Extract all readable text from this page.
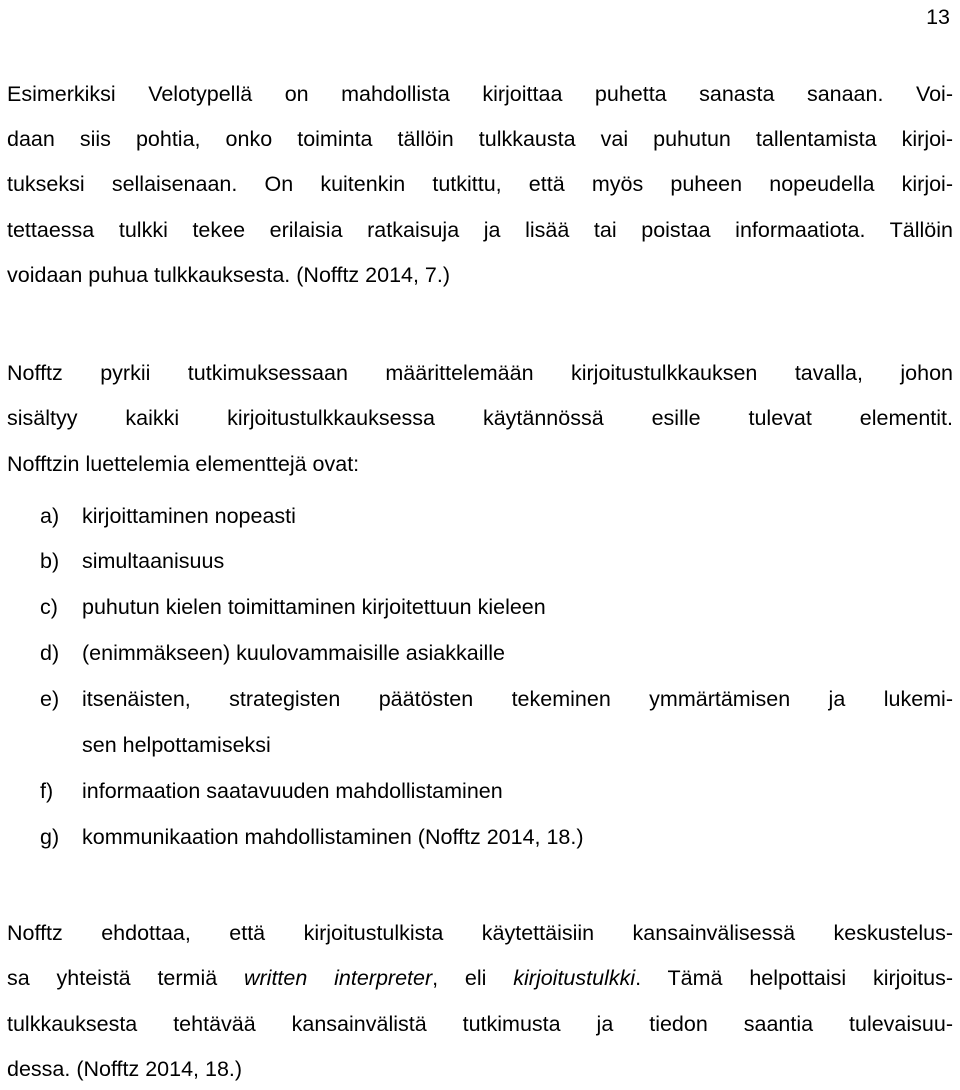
13
Esimerkiksi Velotypellä on mahdollista kirjoittaa puhetta sanasta sanaan. Voi-
daan siis pohtia, onko toiminta tällöin tulkkausta vai puhutun tallentamista kirjoi-
tukseksi sellaisenaan. On kuitenkin tutkittu, että myös puheen nopeudella kirjoi-
tettaessa tulkki tekee erilaisia ratkaisuja ja lisää tai poistaa informaatiota. Tällöin
voidaan puhua tulkkauksesta. (Nofftz 2014, 7.)
Nofftz pyrkii tutkimuksessaan määrittelemään kirjoitustulkkauksen tavalla, johon
sisältyy kaikki kirjoitustulkkauksessa käytännössä esille tulevat elementit.
Nofftzin luettelemia elementtejä ovat:
a) kirjoittaminen nopeasti
b) simultaanisuus
c) puhutun kielen toimittaminen kirjoitettuun kieleen
d) (enimmäkseen) kuulovammaisille asiakkaille
e) itsenäisten, strategisten päätösten tekeminen ymmärtämisen ja lukemi-
sen helpottamiseksi
f) informaation saatavuuden mahdollistaminen
g) kommunikaation mahdollistaminen (Nofftz 2014, 18.)
Nofftz ehdottaa, että kirjoitustulkista käytettäisiin kansainvälisessä keskustelus-
sa yhteistä termiä written interpreter, eli kirjoitustulkki. Tämä helpottaisi kirjoitus-
tulkkauksesta tehtävää kansainvälistä tutkimusta ja tiedon saantia tulevaisuu-
dessa. (Nofftz 2014, 18.)
